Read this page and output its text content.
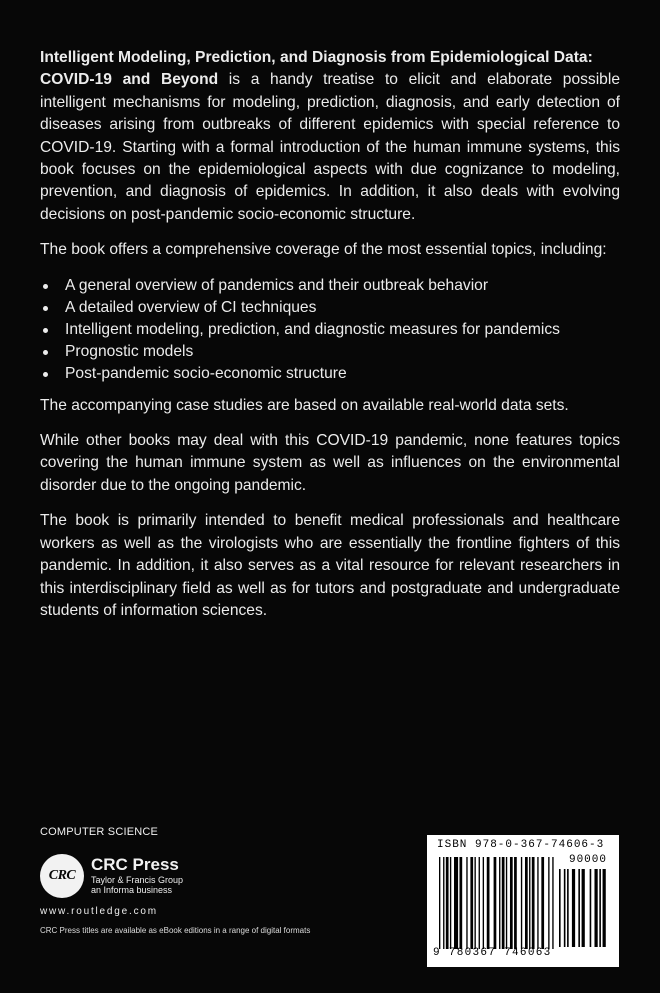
Intelligent Modeling, Prediction, and Diagnosis from Epidemiological Data:
COVID-19 and Beyond is a handy treatise to elicit and elaborate possible intelligent mechanisms for modeling, prediction, diagnosis, and early detection of diseases arising from outbreaks of different epidemics with special reference to COVID-19. Starting with a formal introduction of the human immune systems, this book focuses on the epidemiological aspects with due cognizance to modeling, prevention, and diagnosis of epidemics. In addition, it also deals with evolving decisions on post-pandemic socio-economic structure.

The book offers a comprehensive coverage of the most essential topics, including:

A general overview of pandemics and their outbreak behavior
A detailed overview of CI techniques
Intelligent modeling, prediction, and diagnostic measures for pandemics
Prognostic models
Post-pandemic socio-economic structure

The accompanying case studies are based on available real-world data sets.

While other books may deal with this COVID-19 pandemic, none features topics covering the human immune system as well as influences on the environmental disorder due to the ongoing pandemic.

The book is primarily intended to benefit medical professionals and healthcare workers as well as the virologists who are essentially the frontline fighters of this pandemic. In addition, it also serves as a vital resource for relevant researchers in this interdisciplinary field as well as for tutors and postgraduate and undergraduate students of information sciences.

COMPUTER SCIENCE
CRC
CRC Press
Taylor & Francis Group
an Informa business
www.routledge.com
CRC Press titles are available as eBook editions in a range of digital formats
ISBN 978-0-367-74606-3
90000
9 780367 746063
